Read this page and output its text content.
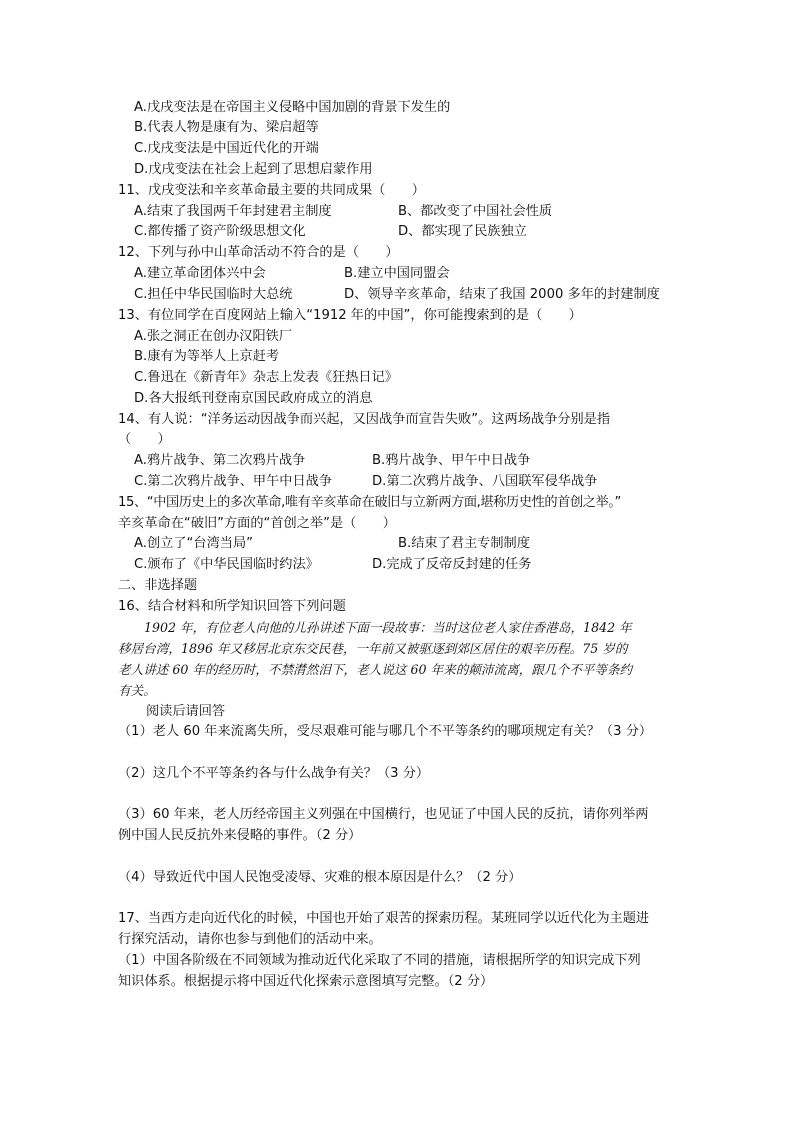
A.戊戌变法是在帝国主义侵略中国加剧的背景下发生的
B.代表人物是康有为、梁启超等
C.戊戌变法是中国近代化的开端
D.戊戌变法在社会上起到了思想启蒙作用
11、戊戌变法和辛亥革命最主要的共同成果（　　）
A.结束了我国两千年封建君主制度	B、都改变了中国社会性质
C.都传播了资产阶级思想文化	D、都实现了民族独立
12、下列与孙中山革命活动不符合的是（　　）
A.建立革命团体兴中会	B.建立中国同盟会
C.担任中华民国临时大总统	D、领导辛亥革命，结束了我国 2000 多年的封建制度
13、有位同学在百度网站上输入“1912 年的中国”，你可能搜索到的是（　　）
A.张之洞正在创办汉阳铁厂
B.康有为等举人上京赶考
C.鲁迅在《新青年》杂志上发表《狂热日记》
D.各大报纸刊登南京国民政府成立的消息
14、有人说：“洋务运动因战争而兴起，又因战争而宣告失败”。这两场战争分别是指
（　　）
A.鸦片战争、第二次鸦片战争	B.鸦片战争、甲午中日战争
C.第二次鸦片战争、甲午中日战争	D.第二次鸦片战争、八国联军侵华战争
15、“中国历史上的多次革命,唯有辛亥革命在破旧与立新两方面,堪称历史性的首创之举。”
辛亥革命在“破旧”方面的“首创之举”是（　　）
A.创立了“台湾当局”	B.结束了君主专制制度
C.颁布了《中华民国临时约法》	D.完成了反帝反封建的任务
二、非选择题
16、结合材料和所学知识回答下列问题
1902 年，有位老人向他的儿孙讲述下面一段故事：当时这位老人家住香港岛，1842 年
移居台湾，1896 年又移居北京东交民巷，一年前又被驱逐到郊区居住的艰辛历程。75 岁的
老人讲述 60 年的经历时，不禁潸然泪下，老人说这 60 年来的颠沛流离，跟几个不平等条约
有关。
阅读后请回答
（1）老人 60 年来流离失所，受尽艰难可能与哪几个不平等条约的哪项规定有关？（3 分）
（2）这几个不平等条约各与什么战争有关？（3 分）
（3）60 年来，老人历经帝国主义列强在中国横行，也见证了中国人民的反抗，请你列举两
例中国人民反抗外来侵略的事件。（2 分）
（4）导致近代中国人民饱受凌辱、灾难的根本原因是什么？（2 分）
17、当西方走向近代化的时候，中国也开始了艰苦的探索历程。某班同学以近代化为主题进
行探究活动，请你也参与到他们的活动中来。
（1）中国各阶级在不同领域为推动近代化采取了不同的措施，请根据所学的知识完成下列
知识体系。根据提示将中国近代化探索示意图填写完整。（2 分）
